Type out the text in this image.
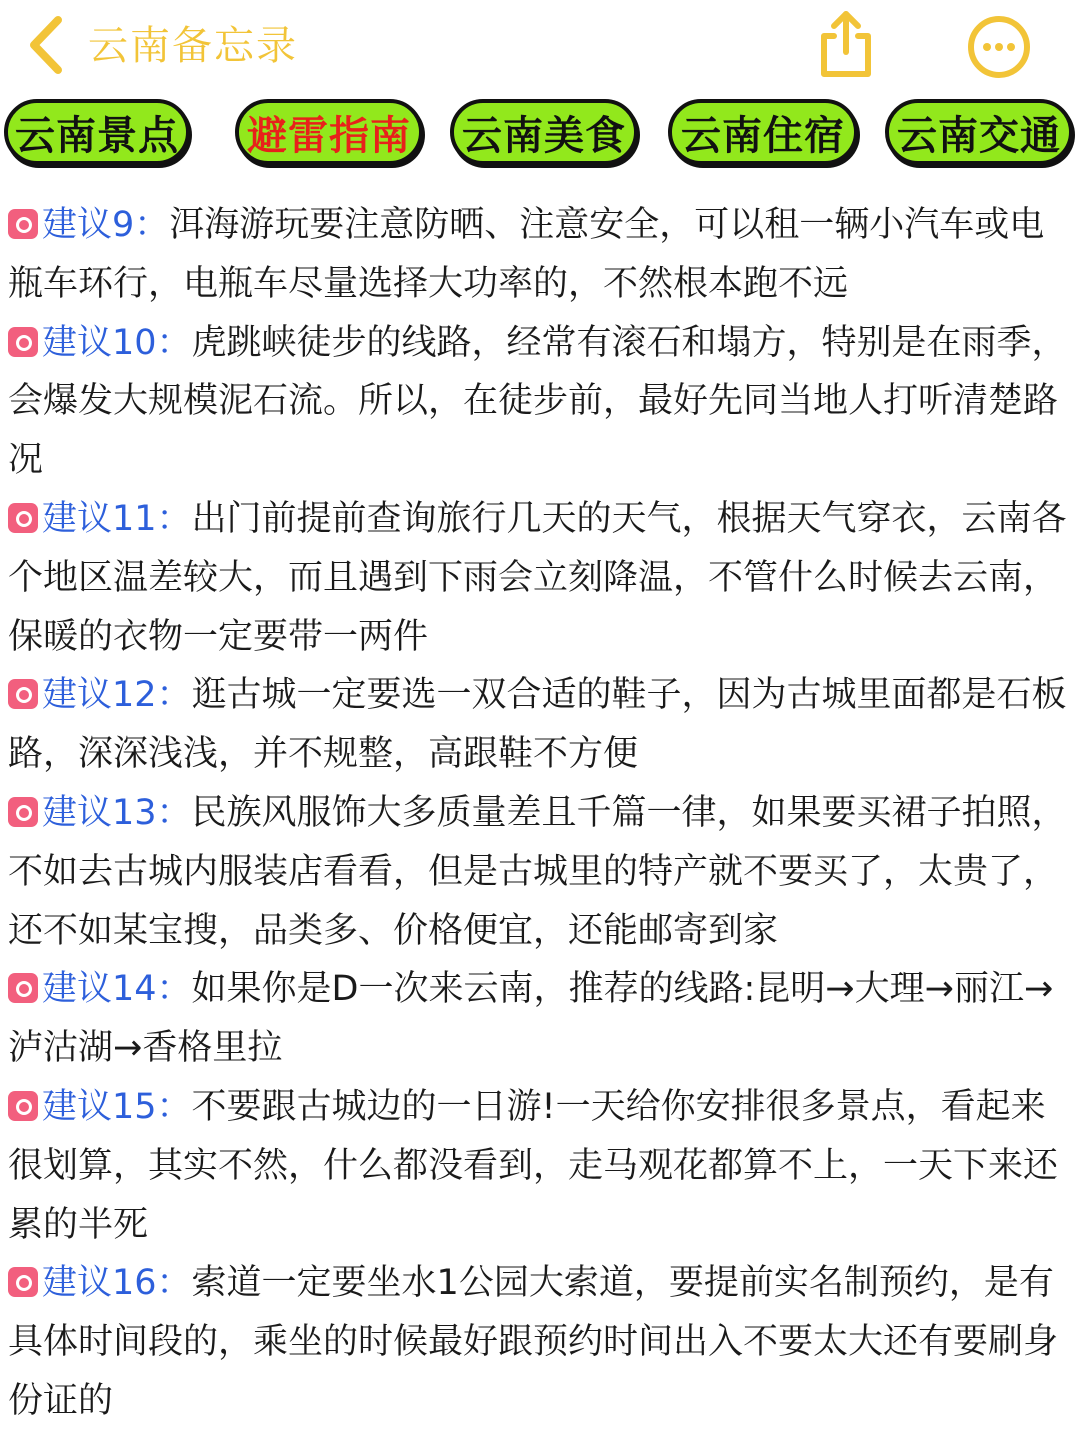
云南备忘录
云南景点	避雷指南	云南美食	云南住宿	云南交通

建议9：洱海游玩要注意防晒、注意安全，可以租一辆小汽车或电瓶车环行，电瓶车尽量选择大功率的，不然根本跑不远

建议10：虎跳峡徒步的线路，经常有滚石和塌方，特别是在雨季，会爆发大规模泥石流。所以，在徒步前，最好先同当地人打听清楚路况

建议11：出门前提前查询旅行几天的天气，根据天气穿衣，云南各个地区温差较大，而且遇到下雨会立刻降温，不管什么时候去云南，保暖的衣物一定要带一两件

建议12：逛古城一定要选一双合适的鞋子，因为古城里面都是石板路，深深浅浅，并不规整，高跟鞋不方便

建议13：民族风服饰大多质量差且千篇一律，如果要买裙子拍照，不如去古城内服装店看看，但是古城里的特产就不要买了，太贵了，还不如某宝搜，品类多、价格便宜，还能邮寄到家

建议14：如果你是D一次来云南，推荐的线路:昆明→大理→丽江→泸沽湖→香格里拉

建议15：不要跟古城边的一日游!一天给你安排很多景点，看起来很划算，其实不然，什么都没看到，走马观花都算不上，一天下来还累的半死

建议16：索道一定要坐水1公园大索道，要提前实名制预约，是有具体时间段的，乘坐的时候最好跟预约时间出入不要太大还有要刷身份证的
